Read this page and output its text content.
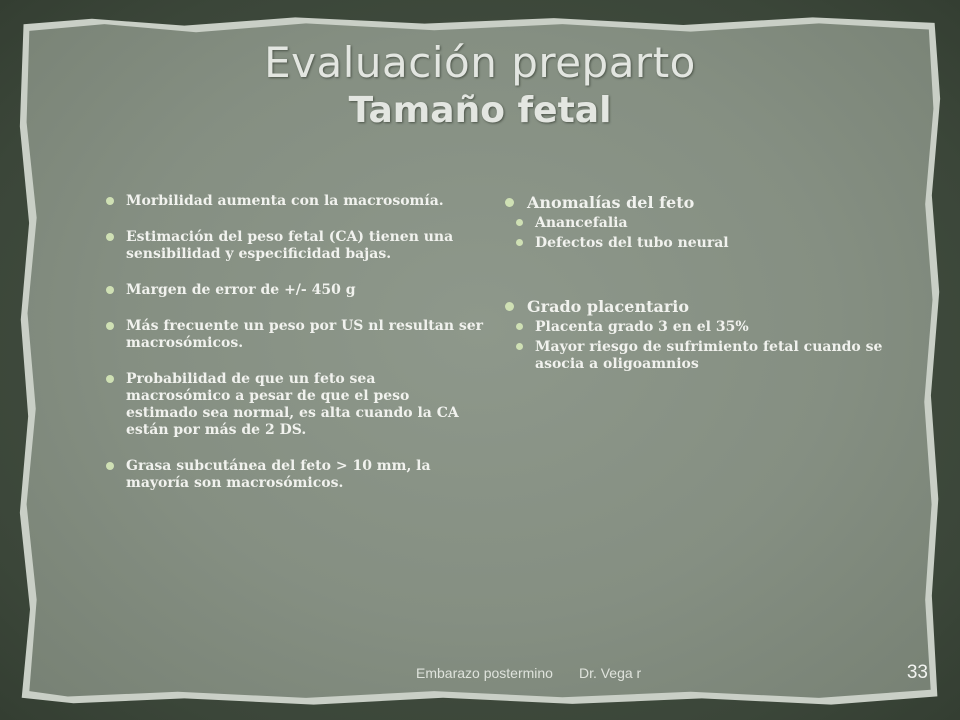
Evaluación preparto
Tamaño fetal
Morbilidad aumenta con la macrosomía.
Estimación del peso fetal (CA) tienen una sensibilidad y especificidad bajas.
Margen de error de +/- 450 g
Más frecuente un peso por US nl resultan ser macrosómicos.
Probabilidad de que un feto sea macrosómico a pesar de que el peso estimado sea normal, es alta cuando la CA están por más de 2 DS.
Grasa subcutánea del feto > 10 mm, la mayoría son macrosómicos.
Anomalías del feto
Anancefalia
Defectos del tubo neural
Grado placentario
Placenta grado 3 en el 35%
Mayor riesgo de sufrimiento fetal cuando se asocia a oligoamnios
Embarazo postermino Dr. Vega r	33
